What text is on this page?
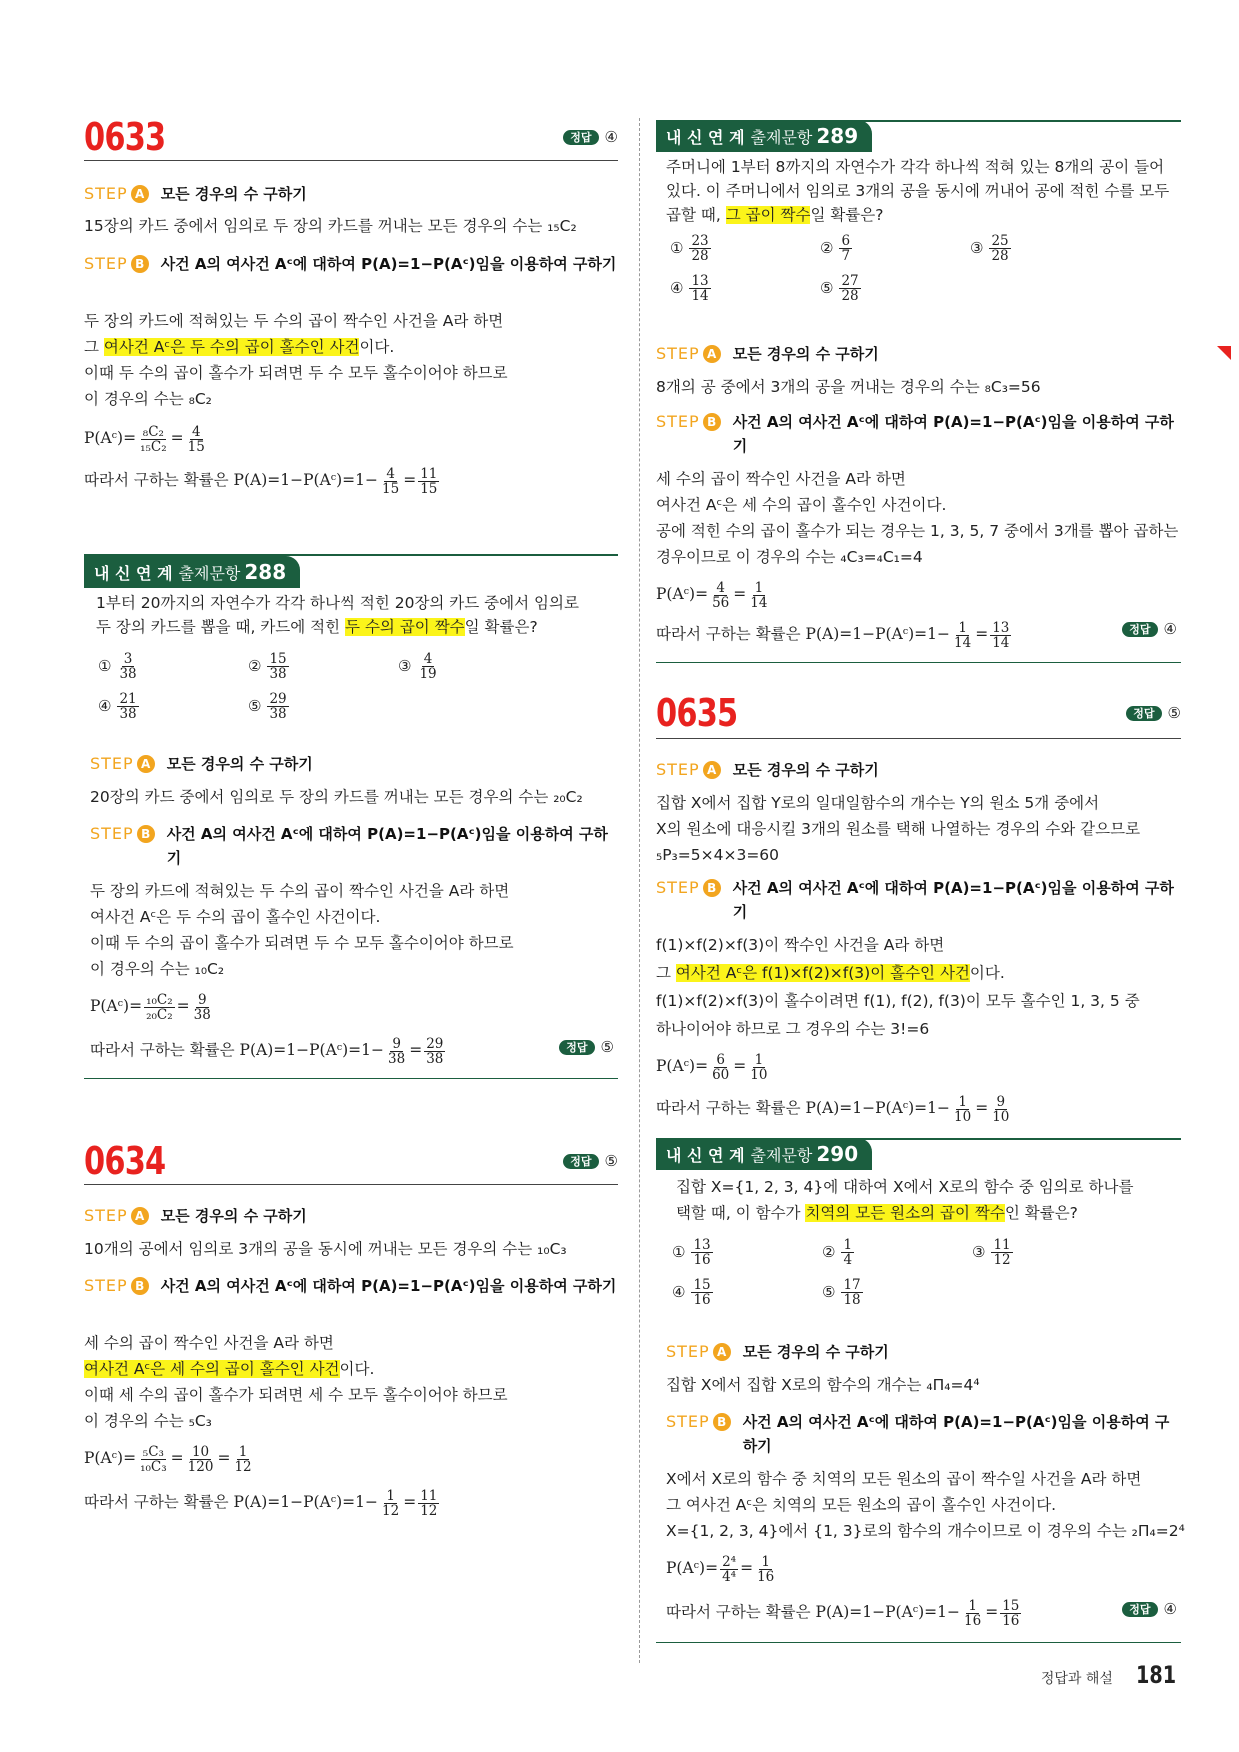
0633	정답 ④
STEP A 모든 경우의 수 구하기
15장의 카드 중에서 임의로 두 장의 카드를 꺼내는 모든 경우의 수는 ₁₅C₂
STEP B 사건 A의 여사건 Aᶜ에 대하여 P(A)=1−P(Aᶜ)임을 이용하여 구하기
두 장의 카드에 적혀있는 두 수의 곱이 짝수인 사건을 A라 하면
그 여사건 Aᶜ은 두 수의 곱이 홀수인 사건이다.
이때 두 수의 곱이 홀수가 되려면 두 수 모두 홀수이어야 하므로
이 경우의 수는 ₈C₂
P(Aᶜ)= $\frac{\text{₈C₂}}{\text{₁₅C₂}} = \frac{4}{15}$
따라서 구하는 확률은 P(A)=1−P(Aᶜ)=1− $\frac{4}{15} = \frac{11}{15}$
내 신 연 계 출제문항 288
1부터 20까지의 자연수가 각각 하나씩 적힌 20장의 카드 중에서 임의로
두 장의 카드를 뽑을 때, 카드에 적힌 두 수의 곱이 짝수일 확률은?
① $\frac{3}{38}$	② $\frac{15}{38}$	③ $\frac{4}{19}$
④ $\frac{21}{38}$	⑤ $\frac{29}{38}$
STEP A 모든 경우의 수 구하기
20장의 카드 중에서 임의로 두 장의 카드를 꺼내는 모든 경우의 수는 ₂₀C₂
STEP B 사건 A의 여사건 Aᶜ에 대하여 P(A)=1−P(Aᶜ)임을 이용하여 구하기
두 장의 카드에 적혀있는 두 수의 곱이 짝수인 사건을 A라 하면
여사건 Aᶜ은 두 수의 곱이 홀수인 사건이다.
이때 두 수의 곱이 홀수가 되려면 두 수 모두 홀수이어야 하므로
이 경우의 수는 ₁₀C₂
P(Aᶜ)= $\frac{\text{₁₀C₂}}{\text{₂₀C₂}} = \frac{9}{38}$
따라서 구하는 확률은 P(A)=1−P(Aᶜ)=1− $\frac{9}{38} = \frac{29}{38}$	정답 ⑤
0634	정답 ⑤
STEP A 모든 경우의 수 구하기
10개의 공에서 임의로 3개의 공을 동시에 꺼내는 모든 경우의 수는 ₁₀C₃
STEP B 사건 A의 여사건 Aᶜ에 대하여 P(A)=1−P(Aᶜ)임을 이용하여 구하기
세 수의 곱이 짝수인 사건을 A라 하면
여사건 Aᶜ은 세 수의 곱이 홀수인 사건이다.
이때 세 수의 곱이 홀수가 되려면 세 수 모두 홀수이어야 하므로
이 경우의 수는 ₅C₃
P(Aᶜ)= $\frac{\text{₅C₃}}{\text{₁₀C₃}} = \frac{10}{120} = \frac{1}{12}$
따라서 구하는 확률은 P(A)=1−P(Aᶜ)=1− $\frac{1}{12} = \frac{11}{12}$
내 신 연 계 출제문항 289
주머니에 1부터 8까지의 자연수가 각각 하나씩 적혀 있는 8개의 공이 들어
있다. 이 주머니에서 임의로 3개의 공을 동시에 꺼내어 공에 적힌 수를 모두
곱할 때, 그 곱이 짝수일 확률은?
① $\frac{23}{28}$	② $\frac{6}{7}$	③ $\frac{25}{28}$
④ $\frac{13}{14}$	⑤ $\frac{27}{28}$
STEP A 모든 경우의 수 구하기
8개의 공 중에서 3개의 공을 꺼내는 경우의 수는 ₈C₃=56
STEP B 사건 A의 여사건 Aᶜ에 대하여 P(A)=1−P(Aᶜ)임을 이용하여 구하기
세 수의 곱이 짝수인 사건을 A라 하면
여사건 Aᶜ은 세 수의 곱이 홀수인 사건이다.
공에 적힌 수의 곱이 홀수가 되는 경우는 1, 3, 5, 7 중에서 3개를 뽑아 곱하는
경우이므로 이 경우의 수는 ₄C₃=₄C₁=4
P(Aᶜ)= $\frac{4}{56} = \frac{1}{14}$
따라서 구하는 확률은 P(A)=1−P(Aᶜ)=1− $\frac{1}{14} = \frac{13}{14}$	정답 ④
0635	정답 ⑤
STEP A 모든 경우의 수 구하기
집합 X에서 집합 Y로의 일대일함수의 개수는 Y의 원소 5개 중에서
X의 원소에 대응시킬 3개의 원소를 택해 나열하는 경우의 수와 같으므로
₅P₃=5×4×3=60
STEP B 사건 A의 여사건 Aᶜ에 대하여 P(A)=1−P(Aᶜ)임을 이용하여 구하기
f(1)×f(2)×f(3)이 짝수인 사건을 A라 하면
그 여사건 Aᶜ은 f(1)×f(2)×f(3)이 홀수인 사건이다.
f(1)×f(2)×f(3)이 홀수이려면 f(1), f(2), f(3)이 모두 홀수인 1, 3, 5 중
하나이어야 하므로 그 경우의 수는 3!=6
P(Aᶜ)= $\frac{6}{60} = \frac{1}{10}$
따라서 구하는 확률은 P(A)=1−P(Aᶜ)=1− $\frac{1}{10} = \frac{9}{10}$
내 신 연 계 출제문항 290
집합 X={1, 2, 3, 4}에 대하여 X에서 X로의 함수 중 임의로 하나를
택할 때, 이 함수가 치역의 모든 원소의 곱이 짝수인 확률은?
① $\frac{13}{16}$	② $\frac{1}{4}$	③ $\frac{11}{12}$
④ $\frac{15}{16}$	⑤ $\frac{17}{18}$
STEP A 모든 경우의 수 구하기
집합 X에서 집합 X로의 함수의 개수는 ₄Π₄=4⁴
STEP B 사건 A의 여사건 Aᶜ에 대하여 P(A)=1−P(Aᶜ)임을 이용하여 구하기
X에서 X로의 함수 중 치역의 모든 원소의 곱이 짝수일 사건을 A라 하면
그 여사건 Aᶜ은 치역의 모든 원소의 곱이 홀수인 사건이다.
X={1, 2, 3, 4}에서 {1, 3}로의 함수의 개수이므로 이 경우의 수는 ₂Π₄=2⁴
P(Aᶜ)= $\frac{\text{2⁴}}{\text{4⁴}} = \frac{1}{16}$
따라서 구하는 확률은 P(A)=1−P(Aᶜ)=1− $\frac{1}{16} = \frac{15}{16}$	정답 ④
정답과 해설 181
